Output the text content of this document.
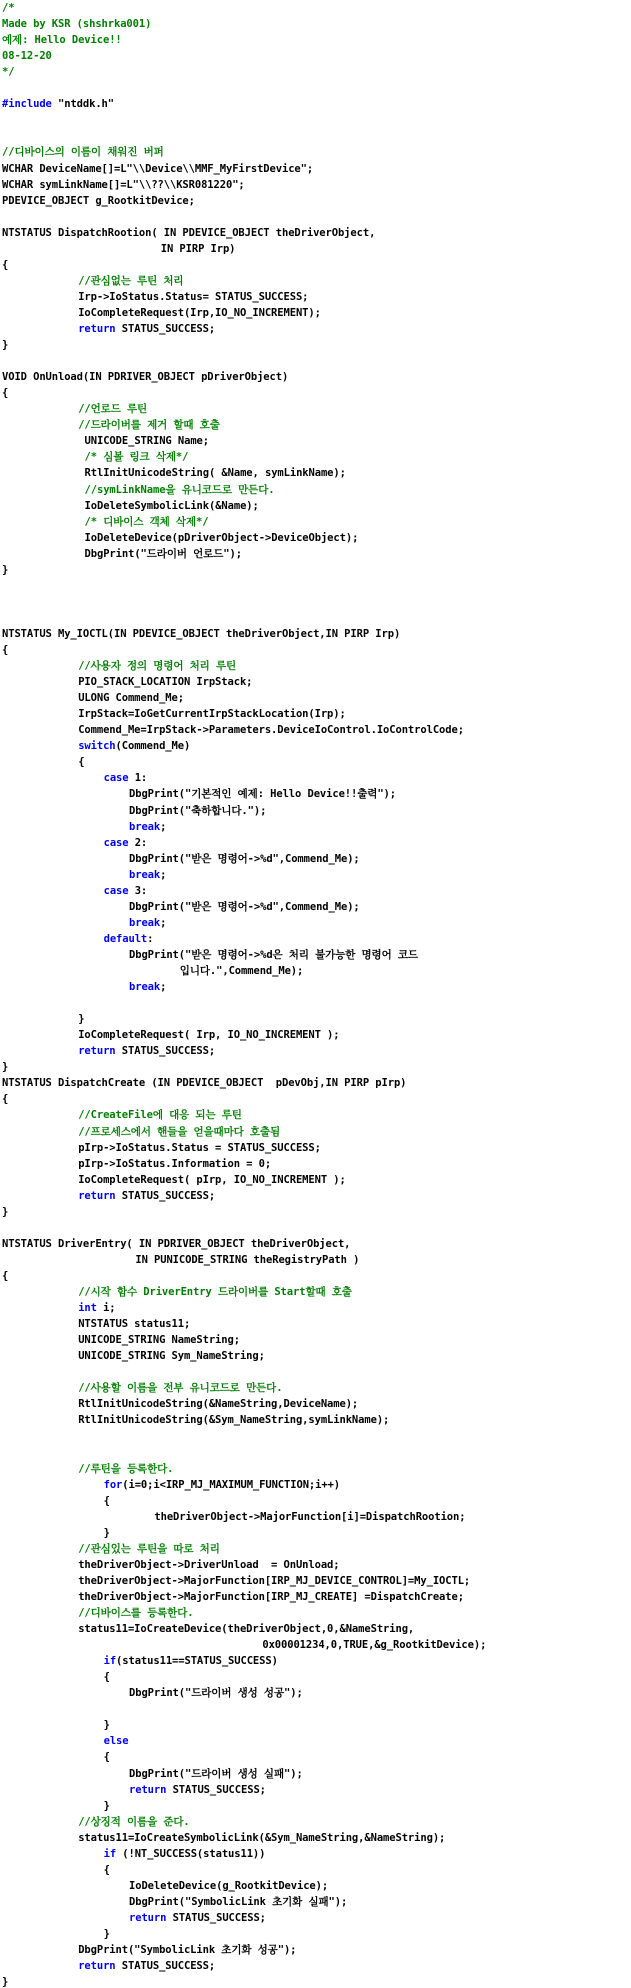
/*
Made by KSR (shshrka001)
예제: Hello Device!!
08-12-20
*/
#include "ntddk.h"
//디바이스의 이름이 채워진 버퍼
WCHAR DeviceName[]=L"\\Device\\MMF_MyFirstDevice";
WCHAR symLinkName[]=L"\\??\\KSR081220";
PDEVICE_OBJECT g_RootkitDevice;
NTSTATUS DispatchRootion( IN PDEVICE_OBJECT theDriverObject,
IN PIRP Irp)
{
//관심없는 루틴 처리
Irp->IoStatus.Status= STATUS_SUCCESS;
IoCompleteRequest(Irp,IO_NO_INCREMENT);
return STATUS_SUCCESS;
}
VOID OnUnload(IN PDRIVER_OBJECT pDriverObject)
{
//언로드 루틴
//드라이버를 제거 할때 호출
UNICODE_STRING Name;
/* 심볼 링크 삭제*/
RtlInitUnicodeString( &Name, symLinkName);
//symLinkName을 유니코드로 만든다.
IoDeleteSymbolicLink(&Name);
/* 디바이스 객체 삭제*/
IoDeleteDevice(pDriverObject->DeviceObject);
DbgPrint("드라이버 언로드");
}
NTSTATUS My_IOCTL(IN PDEVICE_OBJECT theDriverObject,IN PIRP Irp)
{
//사용자 정의 명령어 처리 루틴
PIO_STACK_LOCATION IrpStack;
ULONG Commend_Me;
IrpStack=IoGetCurrentIrpStackLocation(Irp);
Commend_Me=IrpStack->Parameters.DeviceIoControl.IoControlCode;
switch(Commend_Me)
{
case 1:
DbgPrint("기본적인 예제: Hello Device!!출력");
DbgPrint("축하합니다.");
break;
case 2:
DbgPrint("받은 명령어->%d",Commend_Me);
break;
case 3:
DbgPrint("받은 명령어->%d",Commend_Me);
break;
default:
DbgPrint("받은 명령어->%d은 처리 불가능한 명령어 코드
입니다.",Commend_Me);
break;
}
IoCompleteRequest( Irp, IO_NO_INCREMENT );
return STATUS_SUCCESS;
}
NTSTATUS DispatchCreate (IN PDEVICE_OBJECT  pDevObj,IN PIRP pIrp)
{
//CreateFile에 대응 되는 루틴
//프로세스에서 핸들을 얻을때마다 호출됨
pIrp->IoStatus.Status = STATUS_SUCCESS;
pIrp->IoStatus.Information = 0;
IoCompleteRequest( pIrp, IO_NO_INCREMENT );
return STATUS_SUCCESS;
}
NTSTATUS DriverEntry( IN PDRIVER_OBJECT theDriverObject,
IN PUNICODE_STRING theRegistryPath )
{
//시작 함수 DriverEntry 드라이버를 Start할때 호출
int i;
NTSTATUS status11;
UNICODE_STRING NameString;
UNICODE_STRING Sym_NameString;
//사용할 이름을 전부 유니코드로 만든다.
RtlInitUnicodeString(&NameString,DeviceName);
RtlInitUnicodeString(&Sym_NameString,symLinkName);
//루틴을 등록한다.
for(i=0;i<IRP_MJ_MAXIMUM_FUNCTION;i++)
{
theDriverObject->MajorFunction[i]=DispatchRootion;
}
//관심있는 루틴을 따로 처리
theDriverObject->DriverUnload  = OnUnload;
theDriverObject->MajorFunction[IRP_MJ_DEVICE_CONTROL]=My_IOCTL;
theDriverObject->MajorFunction[IRP_MJ_CREATE] =DispatchCreate;
//디바이스를 등록한다.
status11=IoCreateDevice(theDriverObject,0,&NameString,
0x00001234,0,TRUE,&g_RootkitDevice);
if(status11==STATUS_SUCCESS)
{
DbgPrint("드라이버 생성 성공");
}
else
{
DbgPrint("드라이버 생성 실패");
return STATUS_SUCCESS;
}
//상징적 이름을 준다.
status11=IoCreateSymbolicLink(&Sym_NameString,&NameString);
if (!NT_SUCCESS(status11))
{
IoDeleteDevice(g_RootkitDevice);
DbgPrint("SymbolicLink 초기화 실패");
return STATUS_SUCCESS;
}
DbgPrint("SymbolicLink 초기화 성공");
return STATUS_SUCCESS;
}
